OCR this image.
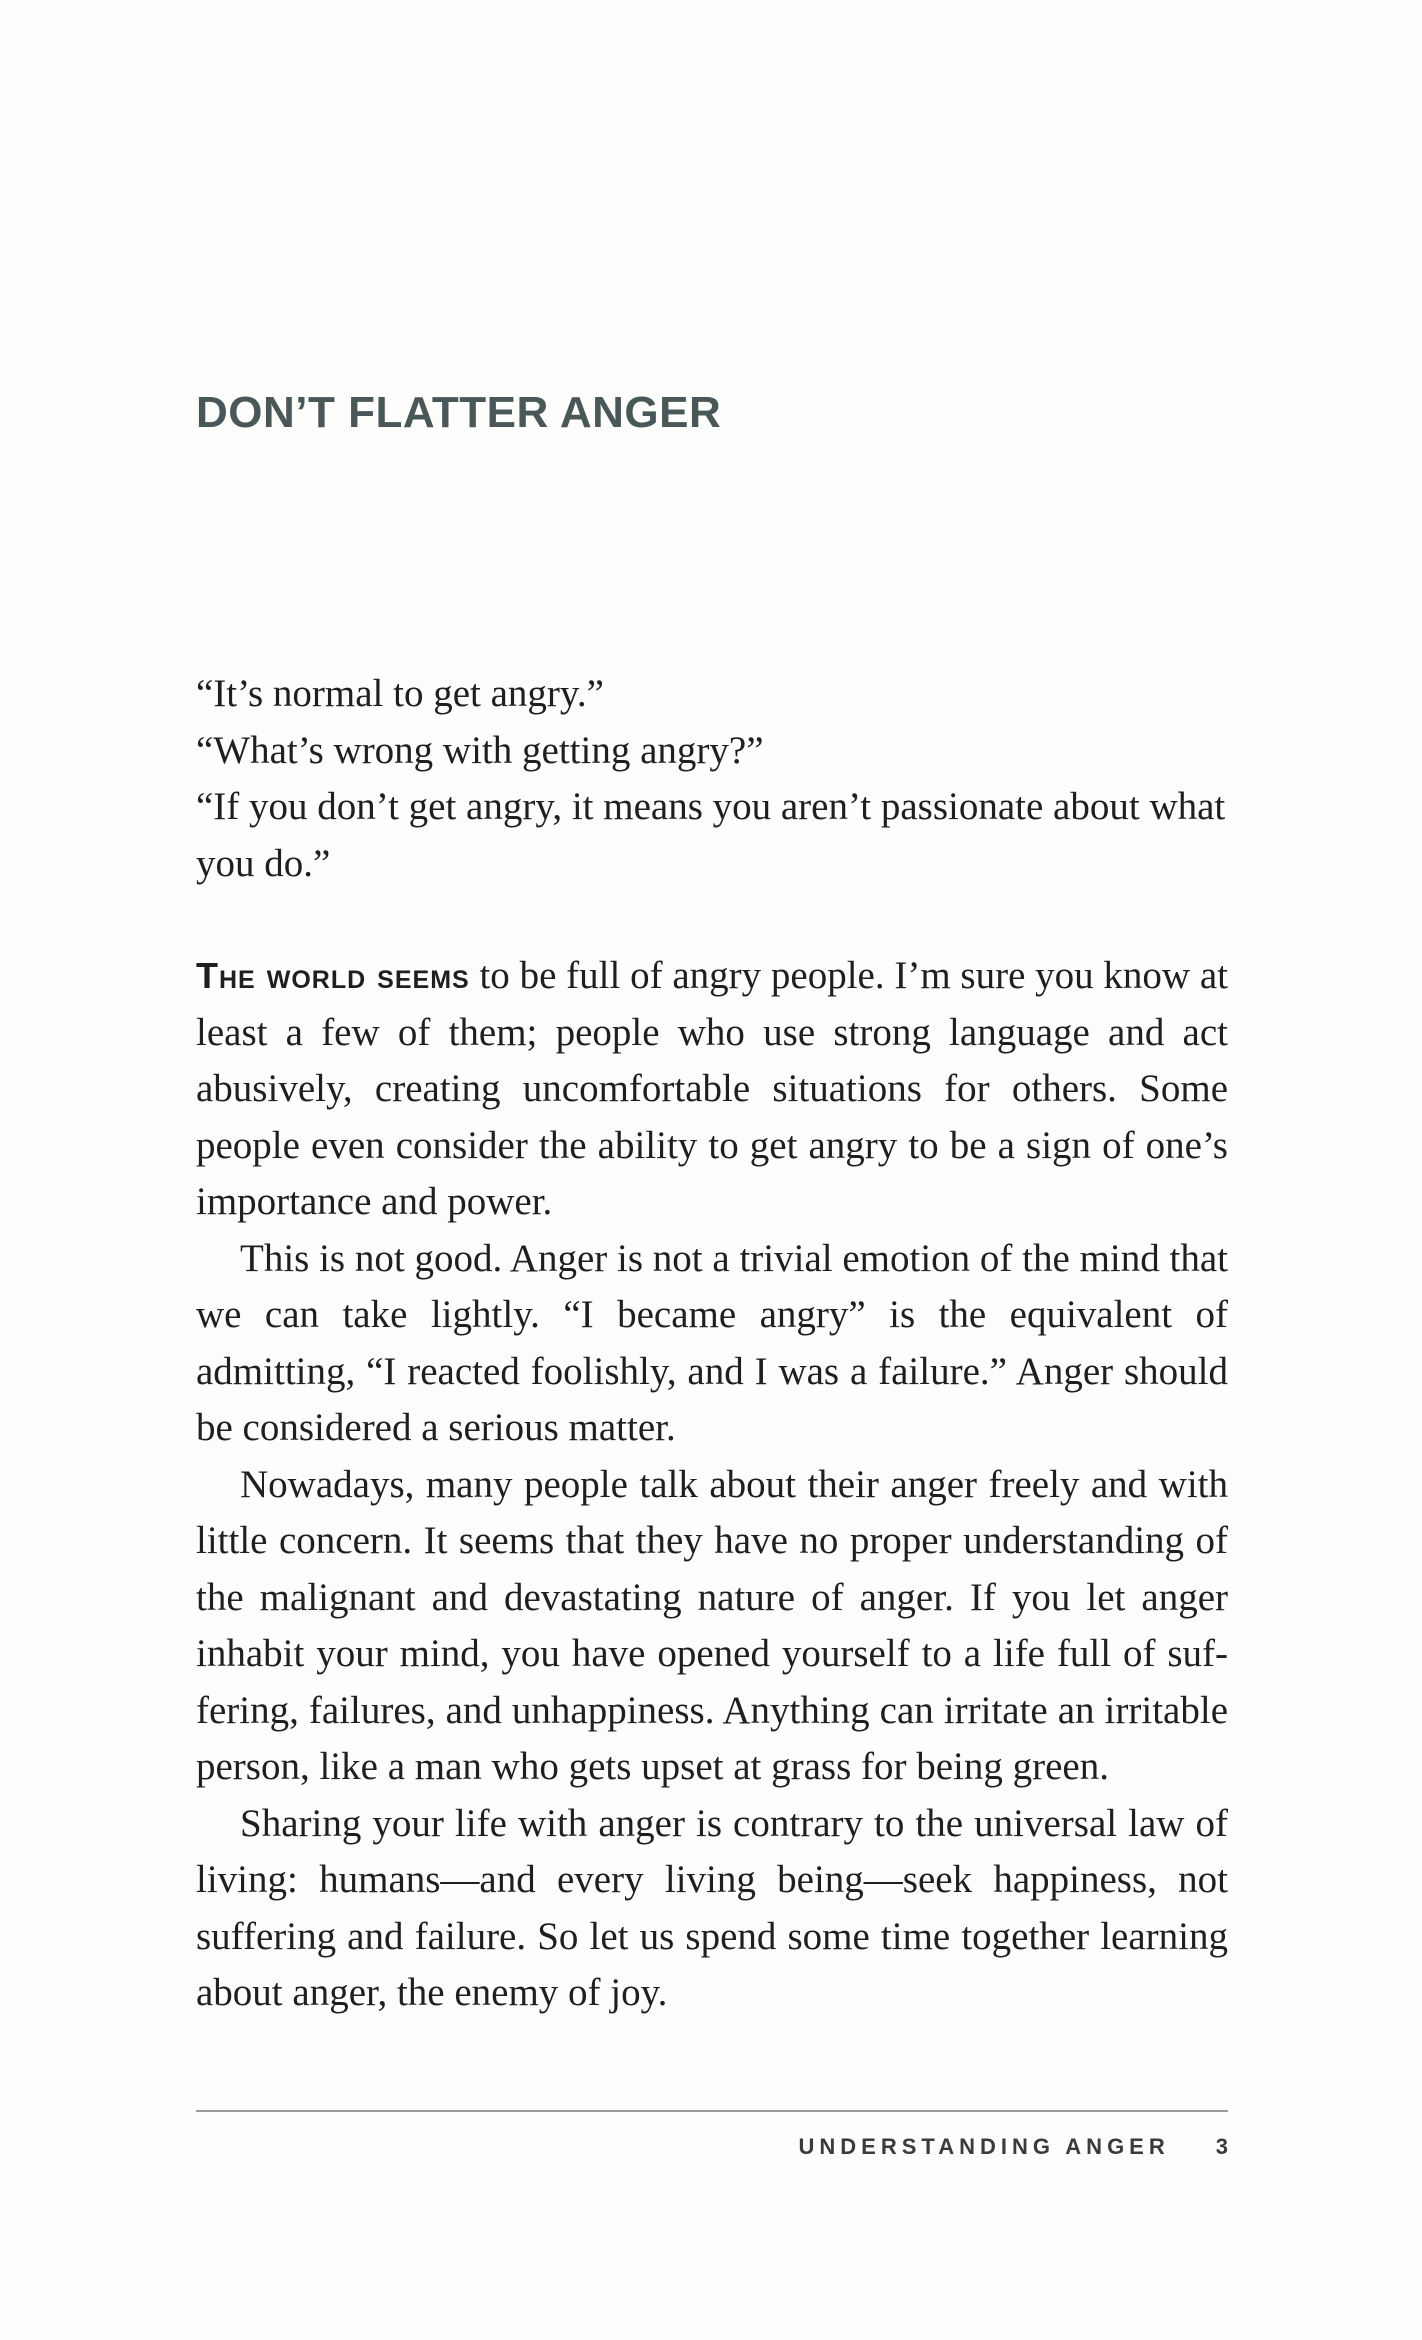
DON’T FLATTER ANGER
“It’s normal to get angry.”
“What’s wrong with getting angry?”
“If you don’t get angry, it means you aren’t passionate about what you do.”

The world seems to be full of angry people. I’m sure you know at least a few of them; people who use strong language and act abusively, creating uncomfortable situations for others. Some people even consider the ability to get angry to be a sign of one’s importance and power.

This is not good. Anger is not a trivial emotion of the mind that we can take lightly. “I became angry” is the equivalent of admitting, “I reacted foolishly, and I was a failure.” Anger should be considered a serious matter.

Nowadays, many people talk about their anger freely and with little concern. It seems that they have no proper understanding of the malignant and devastating nature of anger. If you let anger inhabit your mind, you have opened yourself to a life full of suffering, failures, and unhappiness. Anything can irritate an irritable person, like a man who gets upset at grass for being green.

Sharing your life with anger is contrary to the universal law of living: humans—and every living being—seek happiness, not suffering and failure. So let us spend some time together learning about anger, the enemy of joy.

UNDERSTANDING ANGER 3
